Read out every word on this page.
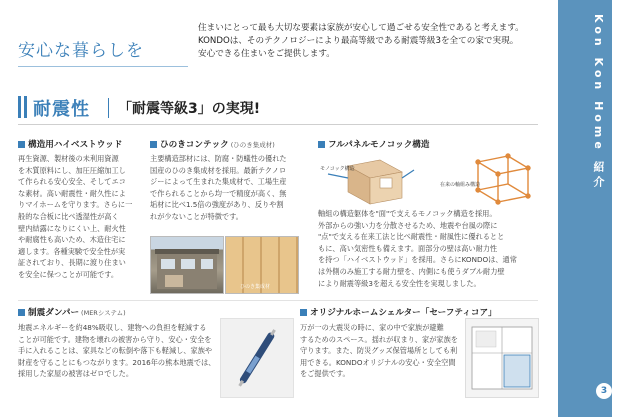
安心な暮らしを
住まいにとって最も大切な要素は家族が安心して過ごせる安全性であると考えます。
KONDOは、そのテクノロジーにより最高等級である耐震等級3を全ての家で実現。
安心できる住まいをご提供します。	Kon Kon Home 紹介
3
耐震性 「耐震等級3」の実現!
構造用ハイベストウッド
再生資源、製材後の未利用資源
を木質原料にし、加圧圧縮加工し
て作られる安心安全、そしてエコ
な素材。高い耐震性・耐久性によ
りマイホームを守ります。さらに一
般的な合板に比べ透湿性が高く
壁内結露になりにくい上、耐火性
や耐腐性も高いため、木造住宅に
適します。各種実験で安全性が実
証されており、長期に渡り住まい
を安全に保つことが可能です。
ひのきコンテック (ひのき集成材)
主要構造部材には、防腐・防蟻性の優れた
国産のひのき集成材を採用。最新テクノロ
ジーによって生まれた集成材で、工場生産
で作られることから均一で精度が高く、無
垢材に比べ1.5倍の強度があり、反りや割
れが少ないことが特徴です。
ひのき集成材
フルパネルモノコック構造
モノコック構造
在来の軸組み構造
軸組の構造躯体を"面"で支えるモノコック構造を採用。
外部からの強い力を分散させるため、地震や台風の際に
"点"で支える在来工法と比べ耐震性・耐風性に優れるとと
もに、高い気密性も備えます。面部分の壁は高い耐力性
を持つ「ハイベストウッド」を採用。さらにKONDOは、通常
は外側のみ施工する耐力壁を、内側にも使うダブル耐力壁
により耐震等級3を超える安全性を実現しました。
制震ダンパー (MERシステム)
地震エネルギーを約48%吸収し、建物への負担を軽減する
ことが可能です。建物を壊れの被害から守り、安心・安全を
手に入れることは、家具などの転倒や落下も軽減し、家族や
財産を守ることにもつながります。2016年の熊本地震では、
採用した家屋の被害はゼロでした。
オリジナルホームシェルター「セーフティコア」
万が一の大震災の時に、家の中で家族が避難
するためのスペース。揺れが収まり、家が家族を
守ります。また、防災グッズ保管場所としても利
用できる。KONDOオリジナルの安心・安全空間
をご提供です。
